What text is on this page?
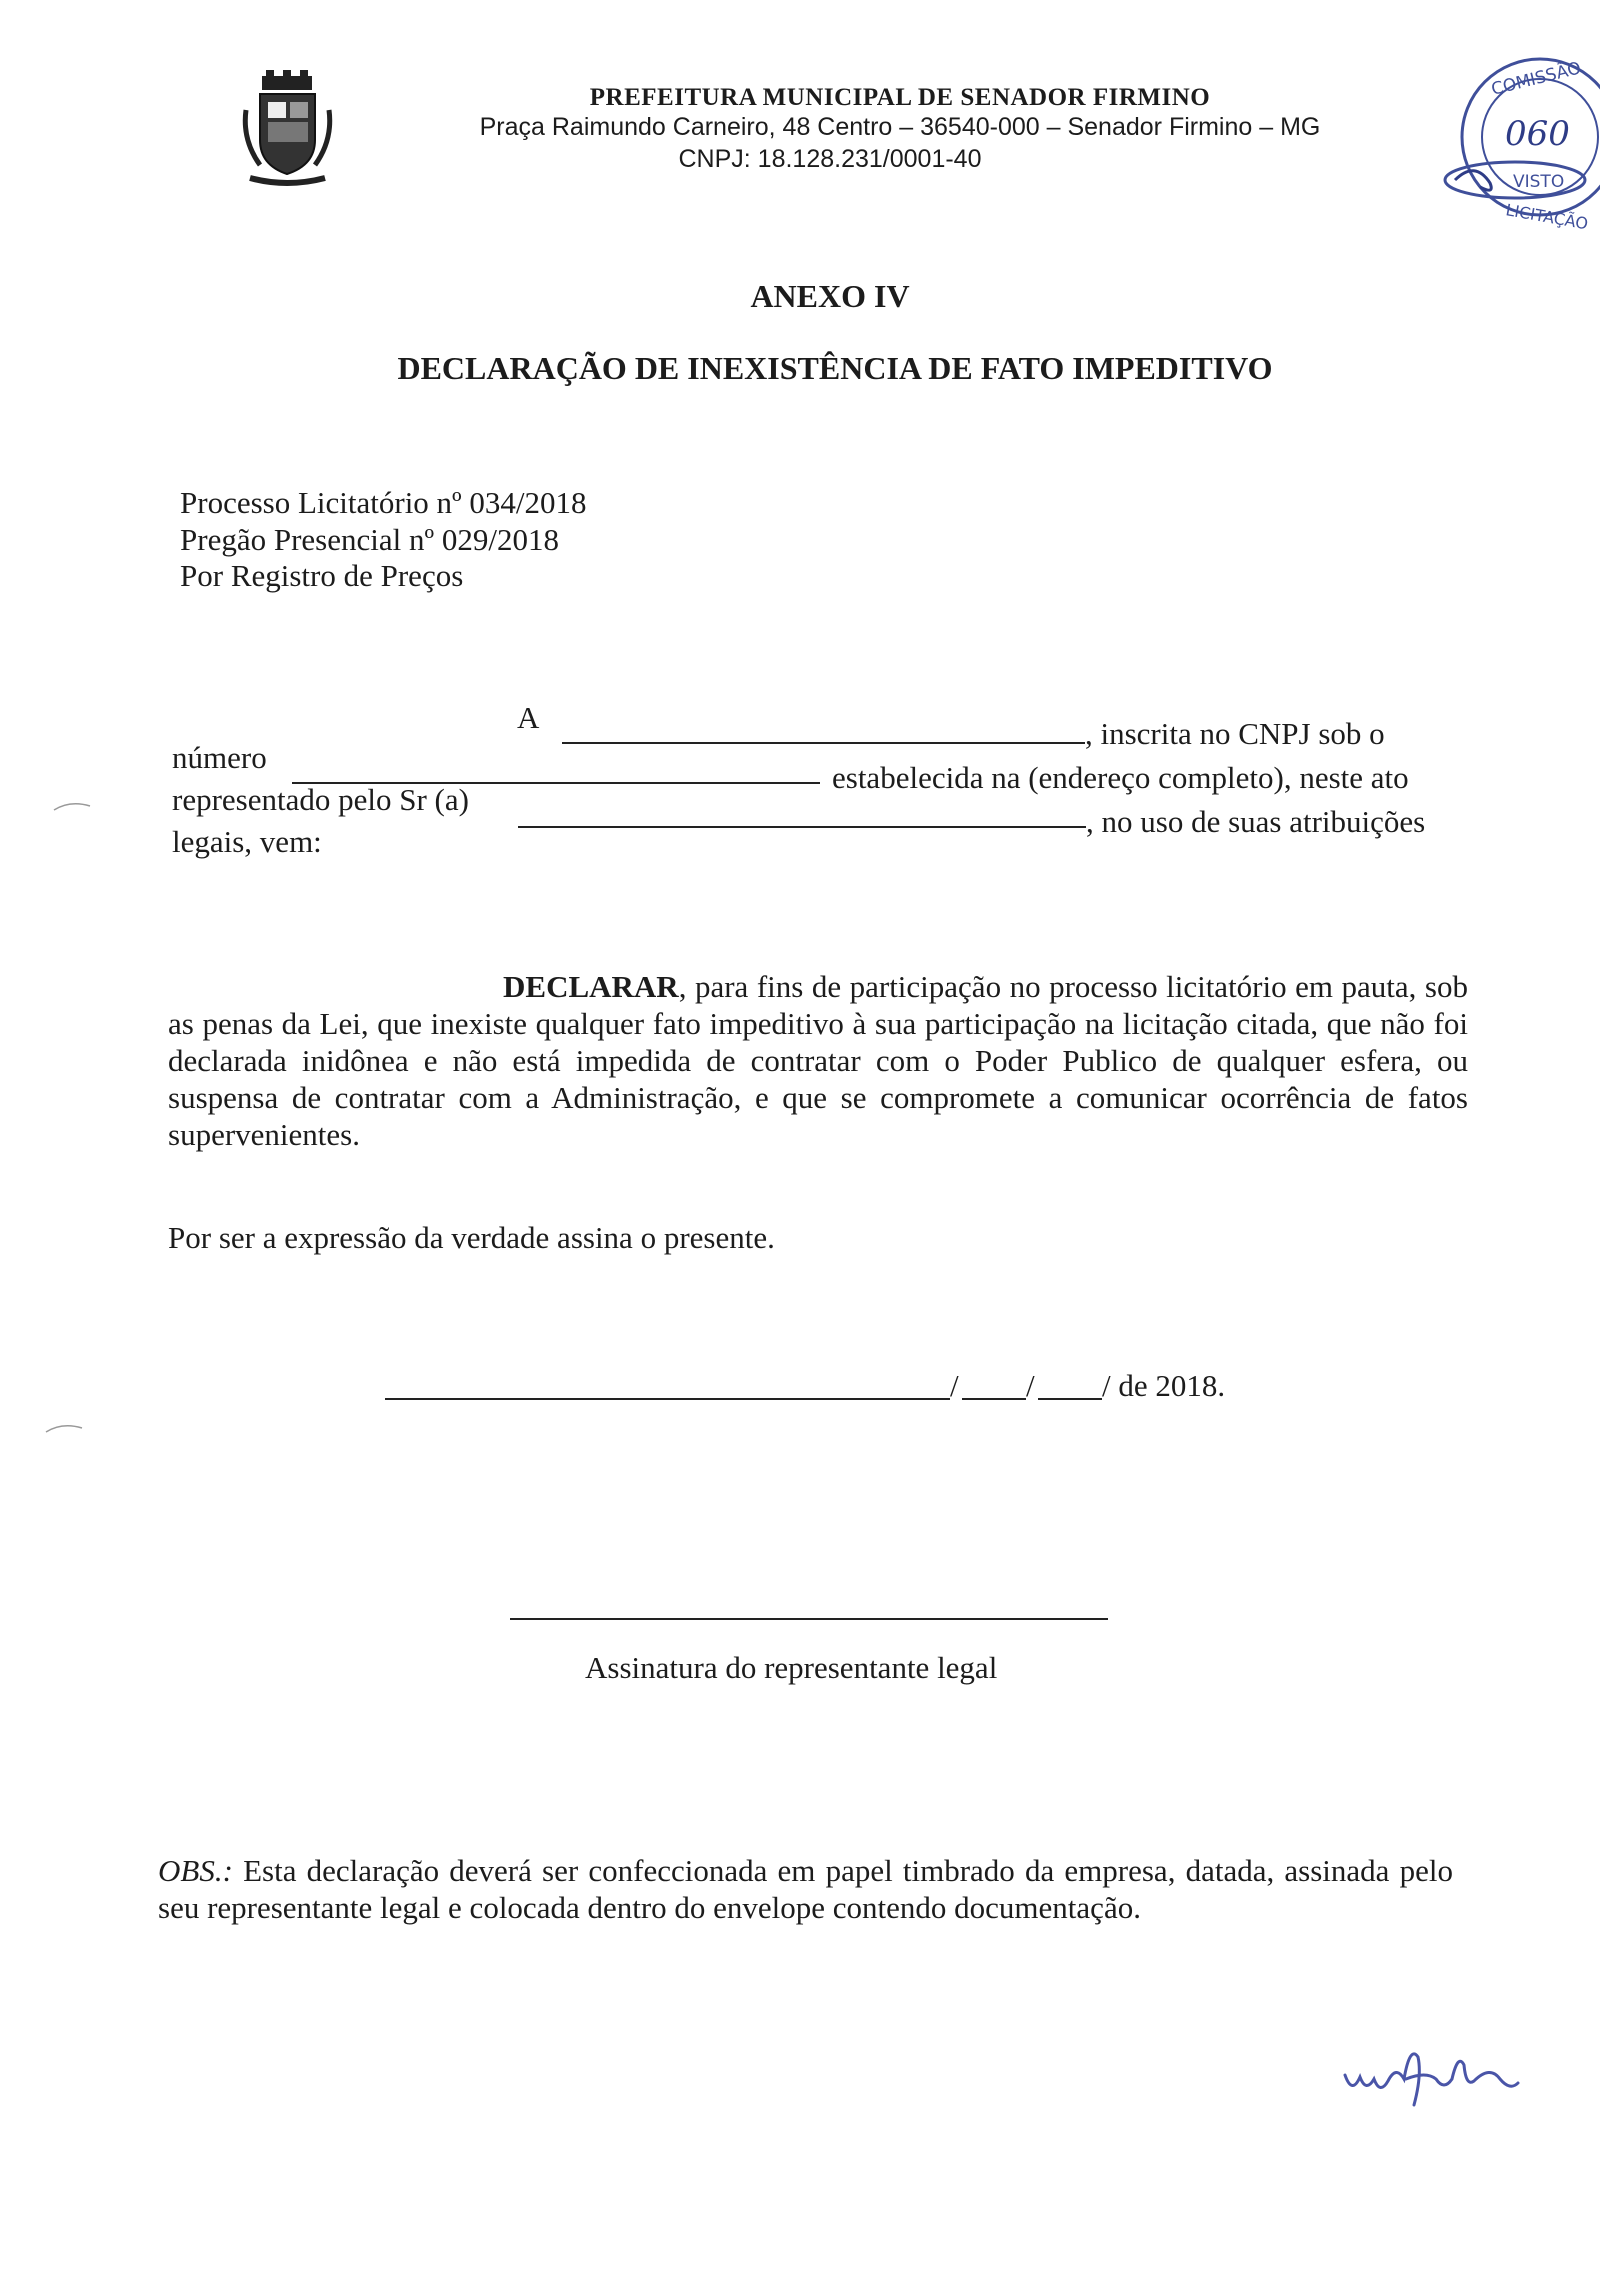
PREFEITURA MUNICIPAL DE SENADOR FIRMINO
Praça Raimundo Carneiro, 48 Centro – 36540-000 – Senador Firmino – MG
CNPJ: 18.128.231/0001-40
COMISSÃO
060
VISTO
LICITAÇÃO
ANEXO IV
DECLARAÇÃO DE INEXISTÊNCIA DE FATO IMPEDITIVO
Processo Licitatório nº 034/2018
Pregão Presencial nº 029/2018
Por Registro de Preços
A	, inscrita no CNPJ sob o
número
estabelecida na (endereço completo), neste ato
representado pelo Sr (a)
, no uso de suas atribuições
legais, vem:
DECLARAR, para fins de participação no processo licitatório em pauta, sob as penas da Lei, que inexiste qualquer fato impeditivo à sua participação na licitação citada, que não foi declarada inidônea e não está impedida de contratar com o Poder Publico de qualquer esfera, ou suspensa de contratar com a Administração, e que se compromete a comunicar ocorrência de fatos supervenientes.
Por ser a expressão da verdade assina o presente.
/ / / de 2018.
Assinatura do representante legal
OBS.: Esta declaração deverá ser confeccionada em papel timbrado da empresa, datada, assinada pelo seu representante legal e colocada dentro do envelope contendo documentação.
